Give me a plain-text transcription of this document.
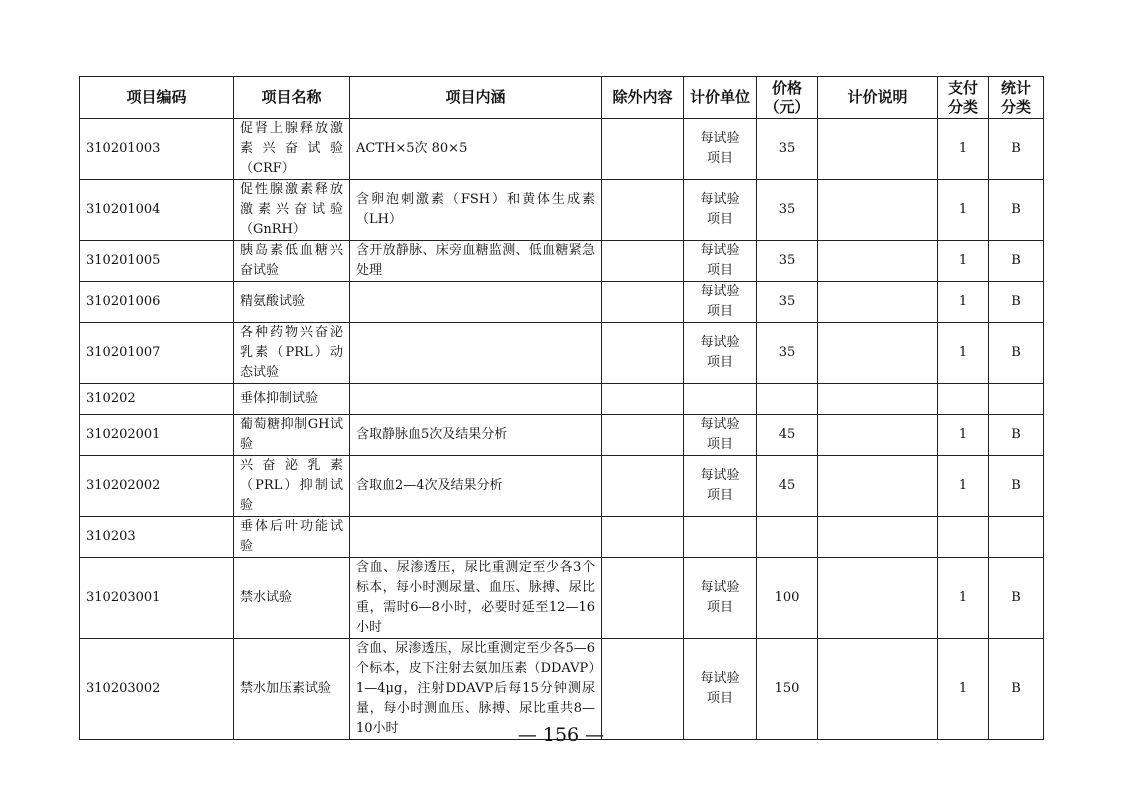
项目编码	项目名称	项目内涵	除外内容	计价单位	价格（元）	计价说明	支付分类	统计分类
310201003	促肾上腺释放激素兴奋试验（CRF）	ACTH×5次 80×5		每试验项目	35		1	B
310201004	促性腺激素释放激素兴奋试验（GnRH）	含卵泡刺激素（FSH）和黄体生成素（LH）		每试验项目	35		1	B
310201005	胰岛素低血糖兴奋试验	含开放静脉、床旁血糖监测、低血糖紧急处理		每试验项目	35		1	B
310201006	精氨酸试验			每试验项目	35		1	B
310201007	各种药物兴奋泌乳素（PRL）动态试验			每试验项目	35		1	B
310202	垂体抑制试验							
310202001	葡萄糖抑制GH试验	含取静脉血5次及结果分析		每试验项目	45		1	B
310202002	兴奋泌乳素（PRL）抑制试验	含取血2—4次及结果分析		每试验项目	45		1	B
310203	垂体后叶功能试验							
310203001	禁水试验	含血、尿渗透压，尿比重测定至少各3个标本，每小时测尿量、血压、脉搏、尿比重，需时6—8小时，必要时延至12—16小时		每试验项目	100		1	B
310203002	禁水加压素试验	含血、尿渗透压，尿比重测定至少各5—6个标本，皮下注射去氨加压素（DDAVP）1—4μg，注射DDAVP后每15分钟测尿量，每小时测血压、脉搏、尿比重共8—10小时		每试验项目	150		1	B
— 156 —
